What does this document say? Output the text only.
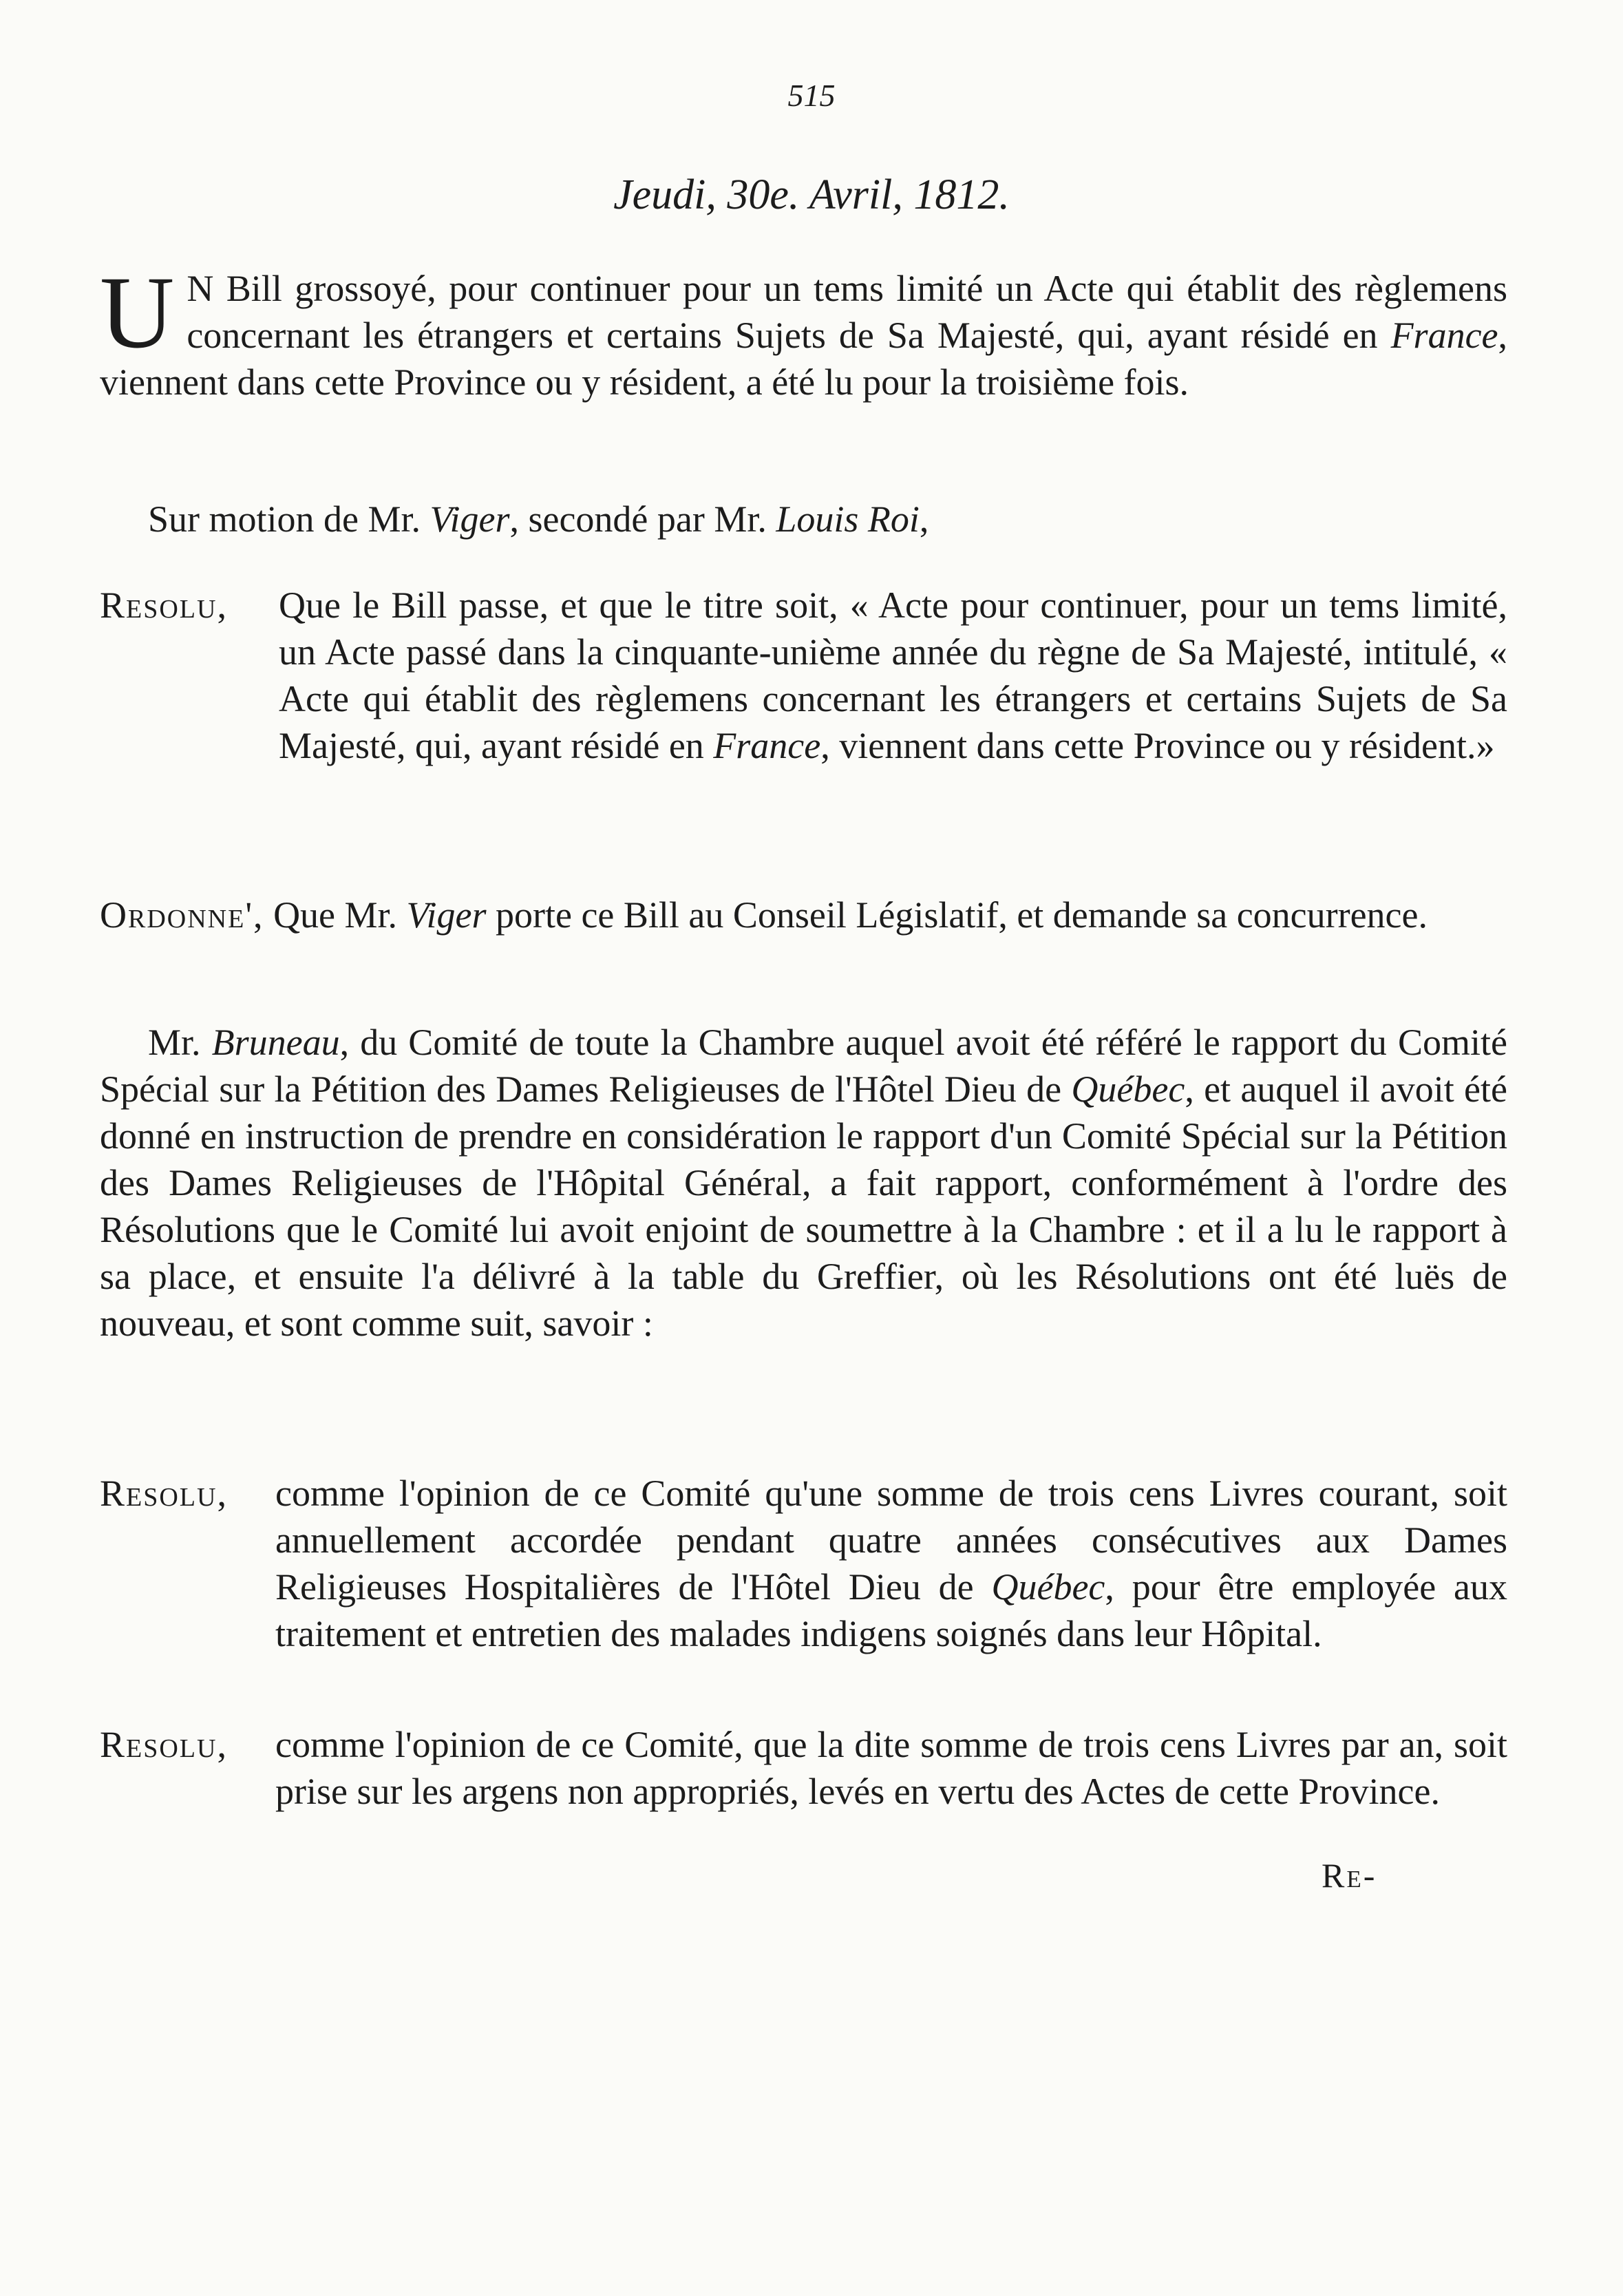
515
Jeudi, 30e. Avril, 1812.
U N Bill grossoyé, pour continuer pour un tems limité un Acte qui établit des règlemens concernant les étrangers et certains Sujets de Sa Majesté, qui, ayant résidé en France, viennent dans cette Province ou y résident, a été lu pour la troisième fois.
Sur motion de Mr. Viger, secondé par Mr. Louis Roi,
Resolu, Que le Bill passe, et que le titre soit, « Acte pour continuer, pour un tems limité, un Acte passé dans la cinquante-unième année du règne de Sa Majesté, intitulé, « Acte qui établit des règlemens concernant les étrangers et certains Sujets de Sa Majesté, qui, ayant résidé en France, viennent dans cette Province ou y résident.»
Ordonne', Que Mr. Viger porte ce Bill au Conseil Législatif, et demande sa concurrence.
Mr. Bruneau, du Comité de toute la Chambre auquel avoit été référé le rapport du Comité Spécial sur la Pétition des Dames Religieuses de l'Hôtel Dieu de Québec, et auquel il avoit été donné en instruction de prendre en considération le rapport d'un Comité Spécial sur la Pétition des Dames Religieuses de l'Hôpital Général, a fait rapport, conformément à l'ordre des Résolutions que le Comité lui avoit enjoint de soumettre à la Chambre : et il a lu le rapport à sa place, et ensuite l'a délivré à la table du Greffier, où les Résolutions ont été luës de nouveau, et sont comme suit, savoir :
Resolu, comme l'opinion de ce Comité qu'une somme de trois cens Livres courant, soit annuellement accordée pendant quatre années consécutives aux Dames Religieuses Hospitalières de l'Hôtel Dieu de Québec, pour être employée aux traitement et entretien des malades indigens soignés dans leur Hôpital.
Resolu, comme l'opinion de ce Comité, que la dite somme de trois cens Livres par an, soit prise sur les argens non appropriés, levés en vertu des Actes de cette Province.
Re-
